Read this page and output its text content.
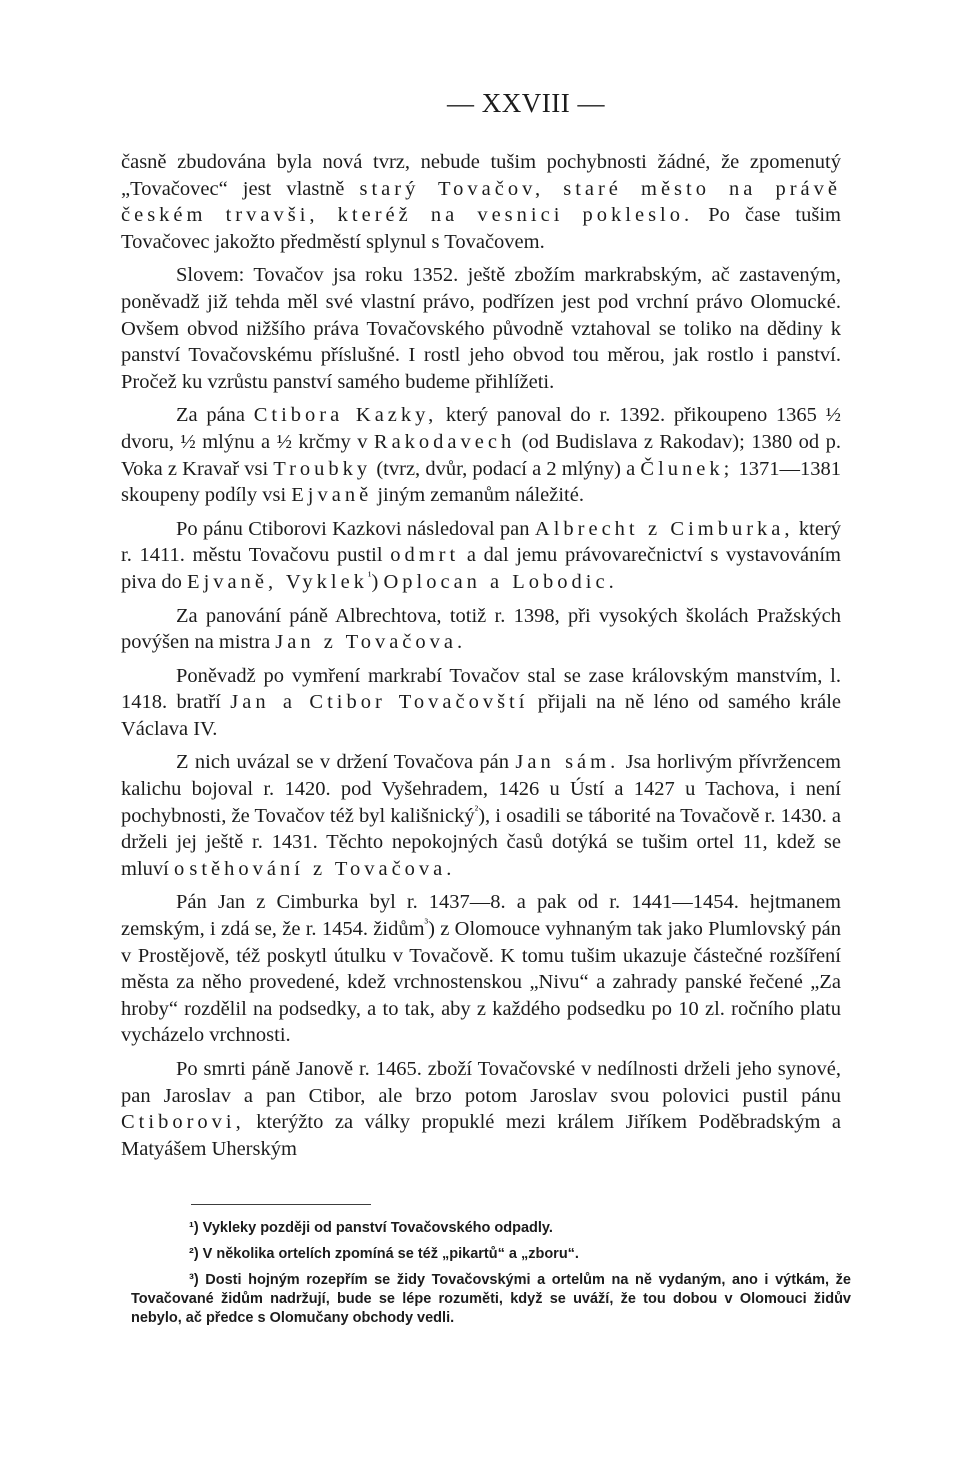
— XXVIII —

časně zbudována byla nová tvrz, nebude tušim pochybnosti žádné, že zpomenutý „Tovačovec“ jest vlastně starý Tovačov, staré město na právě českém trvavši, kteréž na vesnici pokleslo. Po čase tušim Tovačovec jakožto předměstí splynul s Tovačovem.

Slovem: Tovačov jsa roku 1352. ještě zbožím markrabským, ač zastaveným, poněvadž již tehda měl své vlastní právo, podřízen jest pod vrchní právo Olomucké. Ovšem obvod nižšího práva Tovačovského původně vztahoval se toliko na dědiny k panství Tovačovskému příslušné. I rostl jeho obvod tou měrou, jak rostlo i panství. Pročež ku vzrůstu panství samého budeme přihlížeti.

Za pána Ctibora Kazky, který panoval do r. 1392. přikoupeno 1365 ½ dvoru, ½ mlýnu a ½ krčmy v Rakodavech (od Budislava z Rakodav); 1380 od p. Voka z Kravař vsi Troubky (tvrz, dvůr, podací a 2 mlýny) a Člunek; 1371—1381 skoupeny podíly vsi Ejvaně jiným zemanům náležité.

Po pánu Ctiborovi Kazkovi následoval pan Albrecht z Cimburka, který r. 1411. městu Tovačovu pustil odmrt a dal jemu právovarečnictví s vystavováním piva do Ejvaně, Vyklek$^{^1}$) Oplocan a Lobodic.

Za panování páně Albrechtova, totiž r. 1398, při vysokých školách Pražských povýšen na mistra Jan z Tovačova.

Poněvadž po vymření markrabí Tovačov stal se zase královským manstvím, l. 1418. bratří Jan a Ctibor Tovačovští přijali na ně léno od samého krále Václava IV.

Z nich uvázal se v držení Tovačova pán Jan sám. Jsa horlivým přívržencem kalichu bojoval r. 1420. pod Vyšehradem, 1426 u Ústí a 1427 u Tachova, i není pochybnosti, že Tovačov též byl kališnický$^{^2}$), i osadili se táborité na Tovačově r. 1430. a drželi jej ještě r. 1431. Těchto nepokojných časů dotýká se tušim ortel 11, kdež se mluví o stěhování z Tovačova.

Pán Jan z Cimburka byl r. 1437—8. a pak od r. 1441—1454. hejtmanem zemským, i zdá se, že r. 1454. židům$^{^3}$) z Olomouce vyhnaným tak jako Plumlovský pán v Prostějově, též poskytl útulku v Tovačově. K tomu tušim ukazuje částečné rozšíření města za něho provedené, kdež vrchnostenskou „Nivu“ a zahrady panské řečené „Za hroby“ rozdělil na podsedky, a to tak, aby z každého podsedku po 10 zl. ročního platu vycházelo vrchnosti.

Po smrti páně Janově r. 1465. zboží Tovačovské v nedílnosti drželi jeho synové, pan Jaroslav a pan Ctibor, ale brzo potom Jaroslav svou polovici pustil pánu Ctiborovi, kterýžto za války propuklé mezi králem Jiříkem Poděbradským a Matyášem Uherským

¹) Vykleky později od panství Tovačovského odpadly.

²) V několika ortelích zpomíná se též „pikartů“ a „zboru“.

³) Dosti hojným rozepřím se židy Tovačovskými a ortelům na ně vydaným, ano i výtkám, že Tovačované židům nadržují, bude se lépe rozuměti, když se uváží, že tou dobou v Olomouci židův nebylo, ač předce s Olomučany obchody vedli.
